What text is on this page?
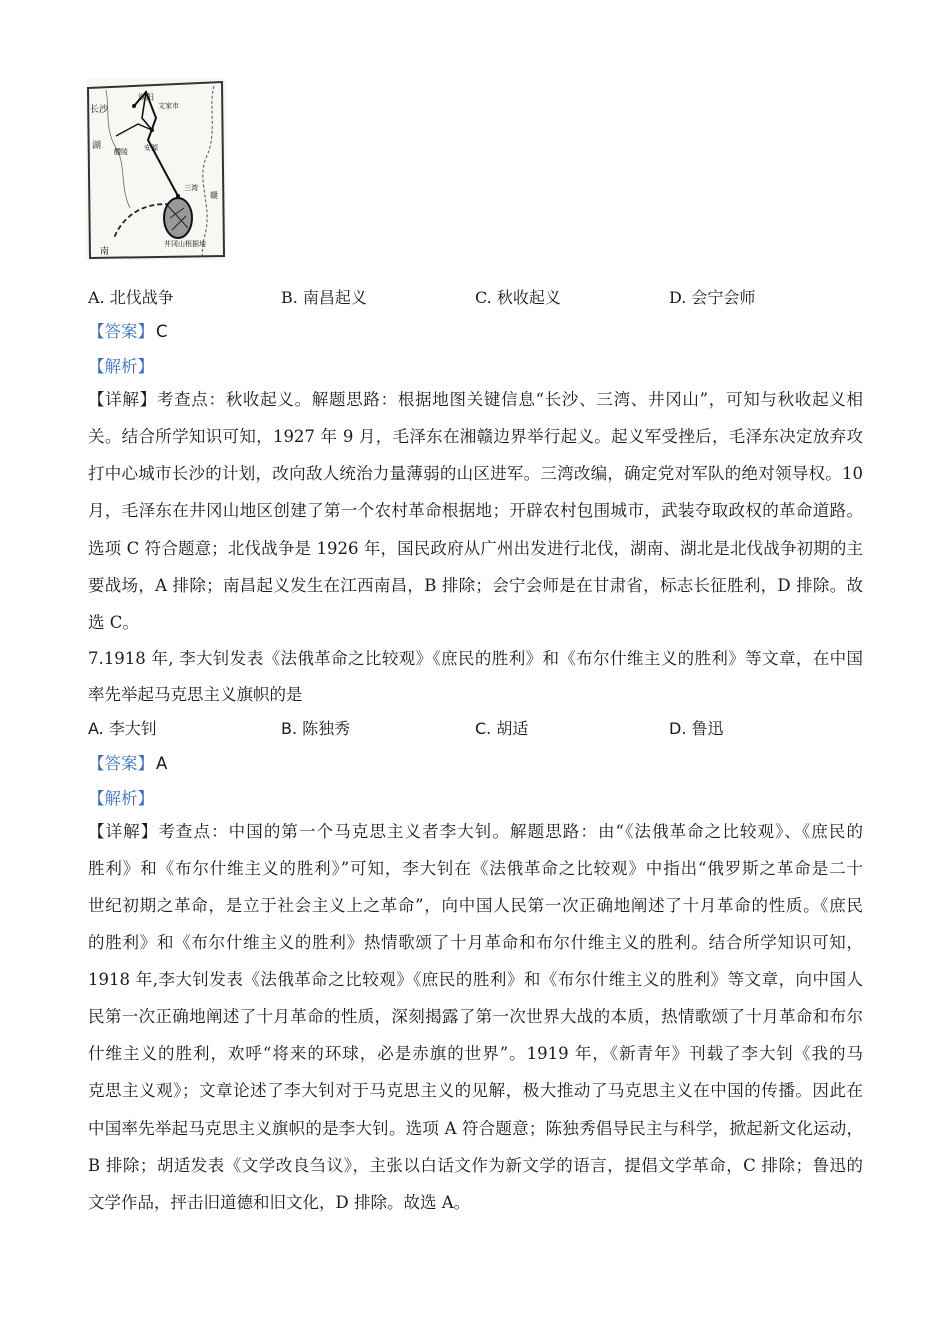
浏阳
长沙	文家市
湖
醴陵 安源
三湾
赣
南
井冈山根据地
A. 北伐战争	B. 南昌起义	C. 秋收起义	D. 会宁会师
【答案】 C
【解析】
【详解】考查点：秋收起义。解题思路：根据地图关键信息“长沙、三湾、井冈山”，可知与秋收起义相
关。结合所学知识可知，1927 年 9 月，毛泽东在湘赣边界举行起义。起义军受挫后，毛泽东决定放弃攻
打中心城市长沙的计划，改向敌人统治力量薄弱的山区进军。三湾改编，确定党对军队的绝对领导权。10
月，毛泽东在井冈山地区创建了第一个农村革命根据地；开辟农村包围城市，武装夺取政权的革命道路。
选项 C 符合题意；北伐战争是 1926 年，国民政府从广州出发进行北伐，湖南、湖北是北伐战争初期的主
要战场，A 排除；南昌起义发生在江西南昌，B 排除；会宁会师是在甘肃省，标志长征胜利，D 排除。故
选 C。
7.1918 年, 李大钊发表《法俄革命之比较观》《庶民的胜利》和《布尔什维主义的胜利》等文章，在中国
率先举起马克思主义旗帜的是
A. 李大钊	B. 陈独秀	C. 胡适	D. 鲁迅
【答案】 A
【解析】
【详解】考查点：中国的第一个马克思主义者李大钊。解题思路：由“《法俄革命之比较观》、《庶民的
胜利》和《布尔什维主义的胜利》”可知，李大钊在《法俄革命之比较观》中指出“俄罗斯之革命是二十
世纪初期之革命，是立于社会主义上之革命”，向中国人民第一次正确地阐述了十月革命的性质。《庶民
的胜利》和《布尔什维主义的胜利》热情歌颂了十月革命和布尔什维主义的胜利。结合所学知识可知，
1918 年,李大钊发表《法俄革命之比较观》《庶民的胜利》和《布尔什维主义的胜利》等文章，向中国人
民第一次正确地阐述了十月革命的性质，深刻揭露了第一次世界大战的本质，热情歌颂了十月革命和布尔
什维主义的胜利，欢呼“将来的环球，必是赤旗的世界”。1919 年，《新青年》刊载了李大钊《我的马
克思主义观》；文章论述了李大钊对于马克思主义的见解，极大推动了马克思主义在中国的传播。因此在
中国率先举起马克思主义旗帜的是李大钊。选项 A 符合题意；陈独秀倡导民主与科学，掀起新文化运动，
B 排除；胡适发表《文学改良刍议》，主张以白话文作为新文学的语言，提倡文学革命，C 排除；鲁迅的
文学作品，抨击旧道德和旧文化，D 排除。故选 A。
